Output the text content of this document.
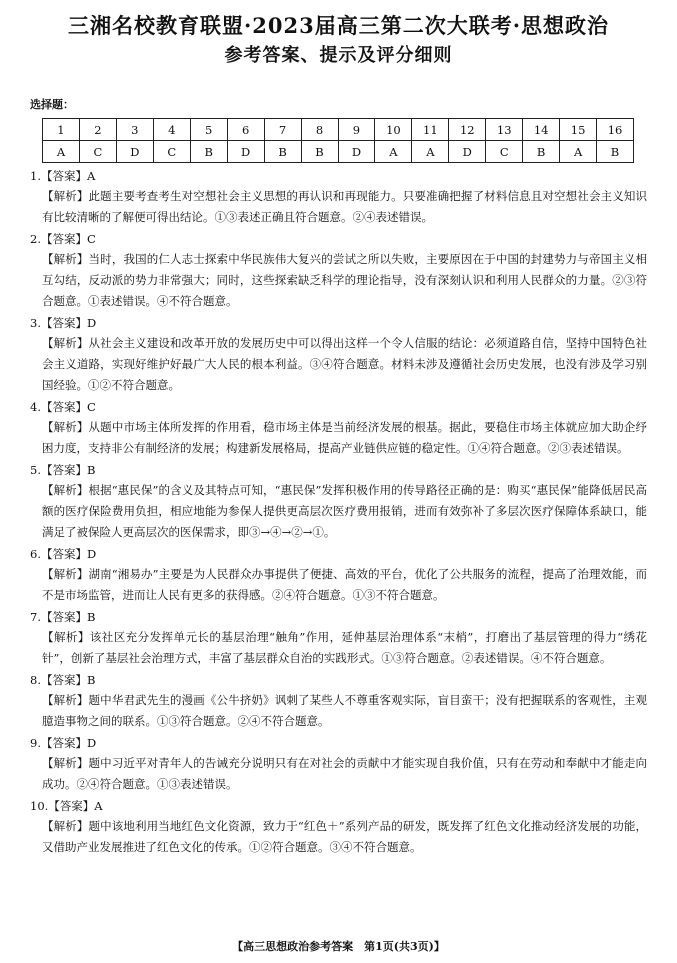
三湘名校教育联盟·2023届高三第二次大联考·思想政治
参考答案、提示及评分细则
选择题：
1	2	3	4	5	6	7	8	9	10	11	12	13	14	15	16
A	C	D	C	B	D	B	B	D	A	A	D	C	B	A	B
1.【答案】A
【解析】此题主要考查考生对空想社会主义思想的再认识和再现能力。只要准确把握了材料信息且对空想社会主义知识有比较清晰的了解便可得出结论。①③表述正确且符合题意。②④表述错误。
2.【答案】C
【解析】当时，我国的仁人志士探索中华民族伟大复兴的尝试之所以失败，主要原因在于中国的封建势力与帝国主义相互勾结，反动派的势力非常强大；同时，这些探索缺乏科学的理论指导，没有深刻认识和利用人民群众的力量。②③符合题意。①表述错误。④不符合题意。
3.【答案】D
【解析】从社会主义建设和改革开放的发展历史中可以得出这样一个令人信服的结论：必须道路自信，坚持中国特色社会主义道路，实现好维护好最广大人民的根本利益。③④符合题意。材料未涉及遵循社会历史发展，也没有涉及学习别国经验。①②不符合题意。
4.【答案】C
【解析】从题中市场主体所发挥的作用看，稳市场主体是当前经济发展的根基。据此，要稳住市场主体就应加大助企纾困力度，支持非公有制经济的发展；构建新发展格局，提高产业链供应链的稳定性。①④符合题意。②③表述错误。
5.【答案】B
【解析】根据“惠民保”的含义及其特点可知，“惠民保”发挥积极作用的传导路径正确的是：购买“惠民保”能降低居民高额的医疗保险费用负担，相应地能为参保人提供更高层次医疗费用报销，进而有效弥补了多层次医疗保障体系缺口，能满足了被保险人更高层次的医保需求，即③→④→②→①。
6.【答案】D
【解析】湖南“湘易办”主要是为人民群众办事提供了便捷、高效的平台，优化了公共服务的流程，提高了治理效能，而不是市场监管，进而让人民有更多的获得感。②④符合题意。①③不符合题意。
7.【答案】B
【解析】该社区充分发挥单元长的基层治理“触角”作用，延伸基层治理体系“末梢”，打磨出了基层管理的得力“绣花针”，创新了基层社会治理方式，丰富了基层群众自治的实践形式。①③符合题意。②表述错误。④不符合题意。
8.【答案】B
【解析】题中华君武先生的漫画《公牛挤奶》讽刺了某些人不尊重客观实际，盲目蛮干；没有把握联系的客观性，主观臆造事物之间的联系。①③符合题意。②④不符合题意。
9.【答案】D
【解析】题中习近平对青年人的告诫充分说明只有在对社会的贡献中才能实现自我价值，只有在劳动和奉献中才能走向成功。②④符合题意。①③表述错误。
10.【答案】A
【解析】题中该地利用当地红色文化资源，致力于“红色＋”系列产品的研发，既发挥了红色文化推动经济发展的功能，又借助产业发展推进了红色文化的传承。①②符合题意。③④不符合题意。
【高三思想政治参考答案　第1页(共3页)】
